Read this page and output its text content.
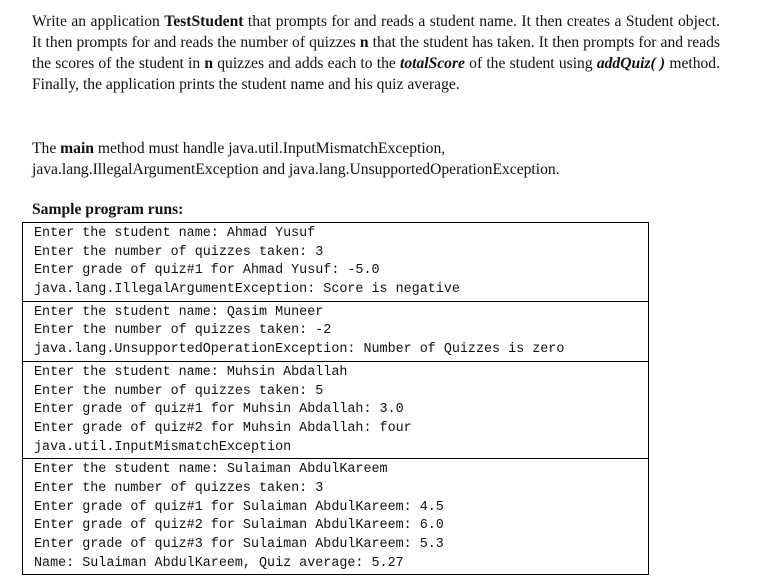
Write an application TestStudent that prompts for and reads a student name. It then creates a Student object. It then prompts for and reads the number of quizzes n that the student has taken. It then prompts for and reads the scores of the student in n quizzes and adds each to the totalScore of the student using addQuiz( ) method. Finally, the application prints the student name and his quiz average.
The main method must handle java.util.InputMismatchException,
java.lang.IllegalArgumentException and java.lang.UnsupportedOperationException.
Sample program runs:
Enter the student name: Ahmad Yusuf
Enter the number of quizzes taken: 3
Enter grade of quiz#1 for Ahmad Yusuf: -5.0
java.lang.IllegalArgumentException: Score is negative
Enter the student name: Qasim Muneer
Enter the number of quizzes taken: -2
java.lang.UnsupportedOperationException: Number of Quizzes is zero
Enter the student name: Muhsin Abdallah
Enter the number of quizzes taken: 5
Enter grade of quiz#1 for Muhsin Abdallah: 3.0
Enter grade of quiz#2 for Muhsin Abdallah: four
java.util.InputMismatchException
Enter the student name: Sulaiman AbdulKareem
Enter the number of quizzes taken: 3
Enter grade of quiz#1 for Sulaiman AbdulKareem: 4.5
Enter grade of quiz#2 for Sulaiman AbdulKareem: 6.0
Enter grade of quiz#3 for Sulaiman AbdulKareem: 5.3
Name: Sulaiman AbdulKareem, Quiz average: 5.27
